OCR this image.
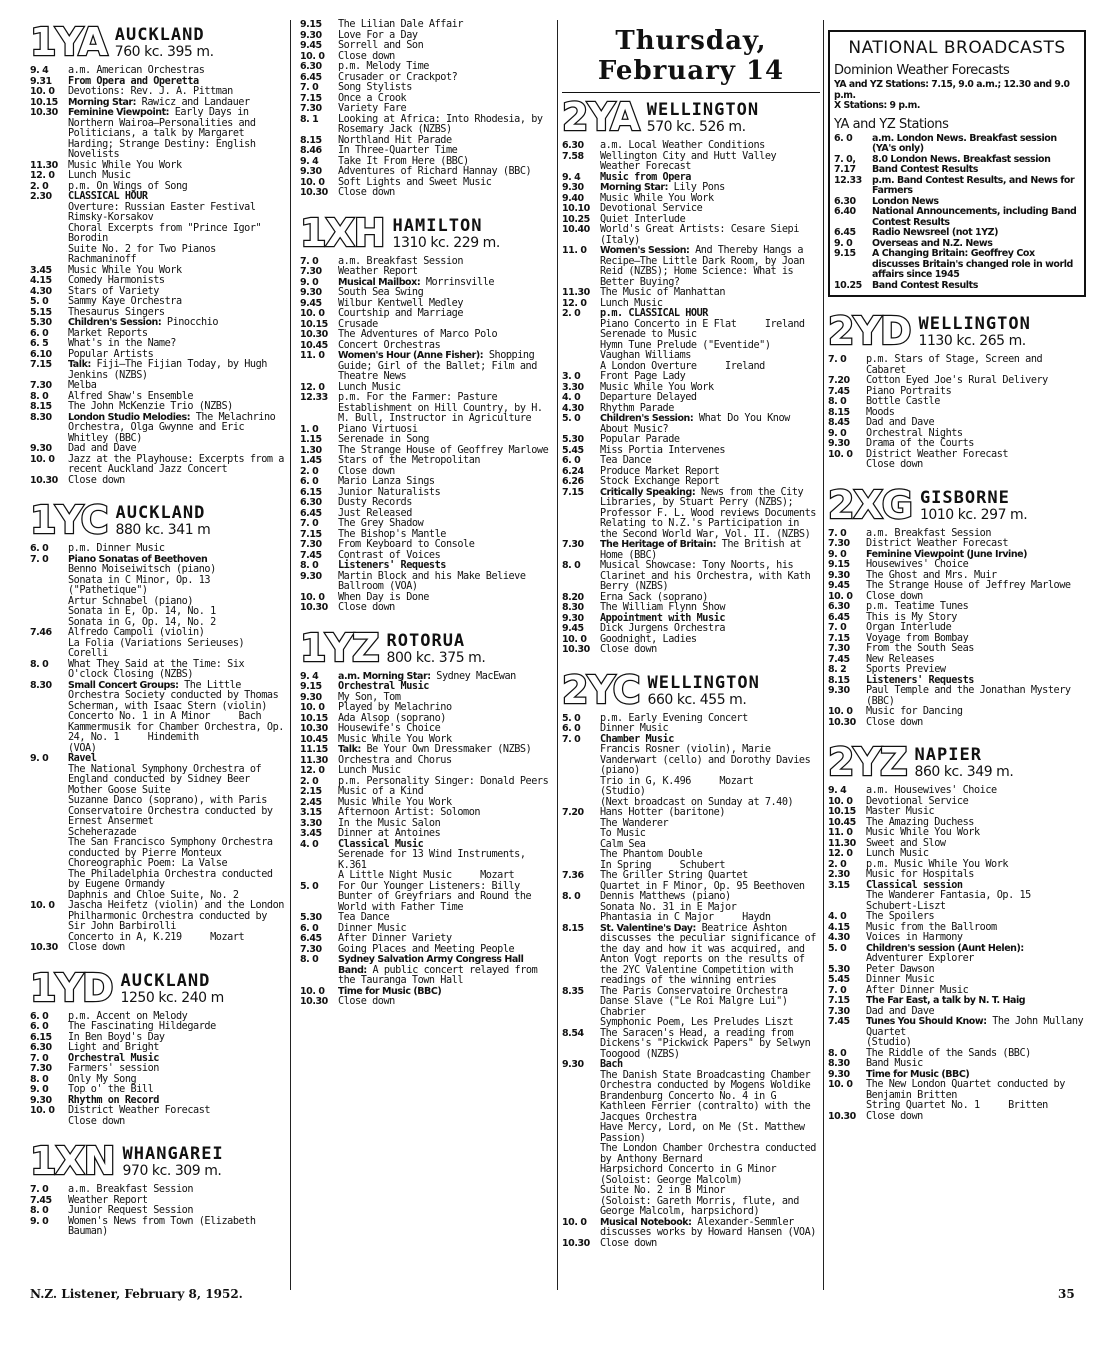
1YA AUCKLAND
760 kc. 395 m.
9. 4	a.m. American Orchestras
9.31	From Opera and Operetta
10. 0	Devotions: Rev. J. A. Pittman
10.15	Morning Star: Rawicz and Landauer
10.30	Feminine Viewpoint: Early Days in Northern Wairoa—Personalities and Politicians, a talk by Margaret Harding; Strange Destiny: English Novelists
11.30 Music While You Work
12. 0	Lunch Music
2. 0	p.m. On Wings of Song
2.30	CLASSICAL HOUR
Overture: Russian Easter Festival
Rimsky-Korsakov
Choral Excerpts from "Prince Igor"
Borodin
Suite No. 2 for Two Pianos
Rachmaninoff
3.45	Music While You Work
4.15	Comedy Harmonists
4.30	Stars of Variety
5. 0	Sammy Kaye Orchestra
5.15	Thesaurus Singers
5.30	Children's Session: Pinocchio
6. 0	Market Reports
6. 5	What's in the Name?
6.10	Popular Artists
7.15	Talk: Fiji—The Fijian Today, by Hugh Jenkins (NZBS)
7.30	Melba
8. 0	Alfred Shaw's Ensemble
8.15	The John McKenzie Trio (NZBS)
8.30	London Studio Melodies: The Melachrino Orchestra, Olga Gwynne and Eric Whitley (BBC)
9.30	Dad and Dave
10. 0	Jazz at the Playhouse: Excerpts from a recent Auckland Jazz Concert
10.30 Close down
1YC AUCKLAND
880 kc. 341 m
6. 0	p.m. Dinner Music
7. 0	Piano Sonatas of Beethoven
Benno Moiseiwitsch (piano)
Sonata in C Minor, Op. 13 ("Pathetique")
Artur Schnabel (piano)
Sonata in E, Op. 14, No. 1
Sonata in G, Op. 14, No. 2
7.46	Alfredo Campoli (violin)
La Folia (Variations Serieuses)
Corelli
8. 0	What They Said at the Time: Six O'clock Closing (NZBS)
8.30	Small Concert Groups: The Little Orchestra Society conducted by Thomas Scherman, with Isaac Stern (violin)
Concerto No. 1 in A Minor     Bach
Kammermusik for Chamber Orchestra, Op. 24, No. 1     Hindemith
(VOA)
9. 0	Ravel
The National Symphony Orchestra of England conducted by Sidney Beer
Mother Goose Suite
Suzanne Danco (soprano), with Paris Conservatoire Orchestra conducted by Ernest Ansermet
Scheherazade
The San Francisco Symphony Orchestra conducted by Pierre Monteux
Choreographic Poem: La Valse
The Philadelphia Orchestra conducted by Eugene Ormandy
Daphnis and Chloe Suite, No. 2
10. 0	Jascha Heifetz (violin) and the London Philharmonic Orchestra conducted by Sir John Barbirolli
Concerto in A, K.219     Mozart
10.30 Close down
1YD AUCKLAND
1250 kc. 240 m
6. 0	p.m. Accent on Melody
6. 0	The Fascinating Hildegarde
6.15	In Ben Boyd's Day
6.30	Light and Bright
7. 0	Orchestral Music
7.30	Farmers' session
8. 0	Only My Song
9. 0	Top o' the Bill
9.30	Rhythm on Record
10. 0	District Weather Forecast
Close down
1XN WHANGAREI
970 kc. 309 m.
7. 0	a.m. Breakfast Session
7.45	Weather Report
8. 0	Junior Request Session
9. 0	Women's News from Town (Elizabeth Bauman)
9.15	The Lilian Dale Affair
9.30	Love For a Day
9.45	Sorrell and Son
10. 0	Close down
6.30	p.m. Melody Time
6.45	Crusader or Crackpot?
7. 0	Song Stylists
7.15	Once a Crook
7.30	Variety Fare
8. 1	Looking at Africa: Into Rhodesia, by Rosemary Jack (NZBS)
8.15	Northland Hit Parade
8.46	In Three-Quarter Time
9. 4	Take It From Here (BBC)
9.30	Adventures of Richard Hannay (BBC)
10. 0	Soft Lights and Sweet Music
10.30 Close down
1XH HAMILTON
1310 kc. 229 m.
7. 0	a.m. Breakfast Session
7.30	Weather Report
9. 0	Musical Mailbox: Morrinsville
9.30	South Sea Swing
9.45	Wilbur Kentwell Medley
10. 0	Courtship and Marriage
10.15 Crusade
10.30 The Adventures of Marco Polo
10.45 Concert Orchestras
11. 0	Women's Hour (Anne Fisher): Shopping Guide; Girl of the Ballet; Film and Theatre News
12. 0	Lunch Music
12.33 p.m. For the Farmer: Pasture Establishment on Hill Country, by H. M. Bull, Instructor in Agriculture
1. 0	Piano Virtuosi
1.15	Serenade in Song
1.30	The Strange House of Geoffrey Marlowe
1.45	Stars of the Metropolitan
2. 0	Close down
6. 0	Mario Lanza Sings
6.15	Junior Naturalists
6.30	Dusty Records
6.45	Just Released
7. 0	The Grey Shadow
7.15	The Bishop's Mantle
7.30	From Keyboard to Console
7.45	Contrast of Voices
8. 0	Listeners' Requests
9.30	Martin Block and his Make Believe Ballroom (VOA)
10. 0	When Day is Done
10.30 Close down
1YZ ROTORUA
800 kc. 375 m.
9. 4	a.m. Morning Star: Sydney MacEwan
9.15	Orchestral Music
9.30	My Son, Tom
10. 0	Played by Melachrino
10.15 Ada Alsop (soprano)
10.30 Housewife's Choice
10.45 Music While You Work
11.15	Talk: Be Your Own Dressmaker (NZBS)
11.30 Orchestra and Chorus
12. 0	Lunch Music
2. 0	p.m. Personality Singer: Donald Peers
2.15	Music of a Kind
2.45	Music While You Work
3.15	Afternoon Artist: Solomon
3.30	In the Music Salon
3.45	Dinner at Antoines
4. 0	Classical Music
Serenade for 13 Wind Instruments, K.361
A Little Night Music     Mozart
5. 0	For Our Younger Listeners: Billy Bunter of Greyfriars and Round the World with Father Time
5.30	Tea Dance
6. 0	Dinner Music
6.45	After Dinner Variety
7.30	Going Places and Meeting People
8. 0	Sydney Salvation Army Congress Hall Band: A public concert relayed from the Tauranga Town Hall
10. 0	Time for Music (BBC)
10.30 Close down
Thursday, February 14
2YA WELLINGTON
570 kc. 526 m.
6.30	a.m. Local Weather Conditions
7.58	Wellington City and Hutt Valley Weather Forecast
9. 4	Music from Opera
9.30	Morning Star: Lily Pons
9.40	Music While You Work
10.10 Devotional Service
10.25 Quiet Interlude
10.40 World's Great Artists: Cesare Siepi (Italy)
11. 0	Women's Session: And Thereby Hangs a Recipe—The Little Dark Room, by Joan Reid (NZBS); Home Science: What is Better Buying?
11.30 The Music of Manhattan
12. 0	Lunch Music
2. 0	p.m. CLASSICAL HOUR
Piano Concerto in E Flat     Ireland
Serenade to Music
Hymn Tune Prelude ("Eventide")
Vaughan Williams
A London Overture     Ireland
3. 0	Front Page Lady
3.30	Music While You Work
4. 0	Departure Delayed
4.30	Rhythm Parade
5. 0	Children's Session: What Do You Know About Music?
5.30	Popular Parade
5.45	Miss Portia Intervenes
6. 0	Tea Dance
6.24	Produce Market Report
6.26	Stock Exchange Report
7.15	Critically Speaking: News from the City Libraries, by Stuart Perry (NZBS); Professor F. L. Wood reviews Documents Relating to N.Z.'s Participation in the Second World War, Vol. II. (NZBS)
7.30	The Heritage of Britain: The British at Home (BBC)
8. 0	Musical Showcase: Tony Noorts, his Clarinet and his Orchestra, with Kath Berry (NZBS)
8.20	Erna Sack (soprano)
8.30	The William Flynn Show
9.30	Appointment with Music
9.45	Dick Jurgens Orchestra
10. 0	Goodnight, Ladies
10.30 Close down
2YC WELLINGTON
660 kc. 455 m.
5. 0	p.m. Early Evening Concert
6. 0	Dinner Music
7. 0	Chamber Music
Francis Rosner (violin), Marie Vanderwart (cello) and Dorothy Davies (piano)
Trio in G, K.496     Mozart
(Studio)
(Next broadcast on Sunday at 7.40)
7.20	Hans Hotter (baritone)
The Wanderer
To Music
Calm Sea
The Phantom Double
In Spring     Schubert
7.36	The Griller String Quartet
Quartet in F Minor, Op. 95 Beethoven
8. 0	Dennis Matthews (piano)
Sonata No. 31 in E Major
Phantasia in C Major     Haydn
8.15	St. Valentine's Day: Beatrice Ashton discusses the peculiar significance of the day and how it was acquired, and Anton Vogt reports on the results of the 2YC Valentine Competition with readings of the winning entries
8.35	The Paris Conservatoire Orchestra
Danse Slave ("Le Roi Malgre Lui")
Chabrier
Symphonic Poem, Les Preludes Liszt
8.54	The Saracen's Head, a reading from Dickens's "Pickwick Papers" by Selwyn Toogood (NZBS)
9.30	Bach
The Danish State Broadcasting Chamber Orchestra conducted by Mogens Woldike
Brandenburg Concerto No. 4 in G
Kathleen Ferrier (contralto) with the Jacques Orchestra
Have Mercy, Lord, on Me (St. Matthew Passion)
The London Chamber Orchestra conducted by Anthony Bernard
Harpsichord Concerto in G Minor
(Soloist: George Malcolm)
Suite No. 2 in B Minor
(Soloist: Gareth Morris, flute, and George Malcolm, harpsichord)
10. 0	Musical Notebook: Alexander-Semmler discusses works by Howard Hansen (VOA)
10.30 Close down
NATIONAL BROADCASTS
Dominion Weather Forecasts
YA and YZ Stations: 7.15, 9.0 a.m.; 12.30 and 9.0 p.m.
X Stations: 9 p.m.
YA and YZ Stations
6. 0	a.m. London News. Breakfast session (YA's only)
7. 0,	8.0 London News. Breakfast session
7.17	Band Contest Results
12.33	p.m. Band Contest Results, and News for Farmers
6.30	London News
6.40	National Announcements, including Band Contest Results
6.45	Radio Newsreel (not 1YZ)
9. 0	Overseas and N.Z. News
9.15	A Changing Britain: Geoffrey Cox discusses Britain's changed role in world affairs since 1945
10.25	Band Contest Results
2YD WELLINGTON
1130 kc. 265 m.
7. 0	p.m. Stars of Stage, Screen and Cabaret
7.20	Cotton Eyed Joe's Rural Delivery
7.45	Piano Portraits
8. 0	Bottle Castle
8.15	Moods
8.45	Dad and Dave
9. 0	Orchestral Nights
9.30	Drama of the Courts
10. 0	District Weather Forecast
Close down
2XG GISBORNE
1010 kc. 297 m.
7. 0	a.m. Breakfast Session
7.30	District Weather Forecast
9. 0	Feminine Viewpoint (June Irvine)
9.15	Housewives' Choice
9.30	The Ghost and Mrs. Muir
9.45	The Strange House of Jeffrey Marlowe
10. 0	Close down
6.30	p.m. Teatime Tunes
6.45	This is My Story
7. 0	Organ Interlude
7.15	Voyage from Bombay
7.30	From the South Seas
7.45	New Releases
8. 2	Sports Preview
8.15	Listeners' Requests
9.30	Paul Temple and the Jonathan Mystery (BBC)
10. 0	Music for Dancing
10.30 Close down
2YZ NAPIER
860 kc. 349 m.
9. 4	a.m. Housewives' Choice
10. 0	Devotional Service
10.15 Master Music
10.45 The Amazing Duchess
11. 0	Music While You Work
11.30 Sweet and Slow
12. 0	Lunch Music
2. 0	p.m. Music While You Work
2.30	Music for Hospitals
3.15	Classical session
The Wanderer Fantasia, Op. 15
Schubert-Liszt
4. 0	The Spoilers
4.15	Music from the Ballroom
4.30	Voices in Harmony
5. 0	Children's session (Aunt Helen): Adventurer Explorer
5.30	Peter Dawson
5.45	Dinner Music
7. 0	After Dinner Music
7.15	The Far East, a talk by N. T. Haig
7.30	Dad and Dave
7.45	Tunes You Should Know: The John Mullany Quartet
(Studio)
8. 0	The Riddle of the Sands (BBC)
8.30	Band Music
9.30	Time for Music (BBC)
10. 0	The New London Quartet conducted by Benjamin Britten
String Quartet No. 1     Britten
10.30 Close down
N.Z. Listener, February 8, 1952.	35
